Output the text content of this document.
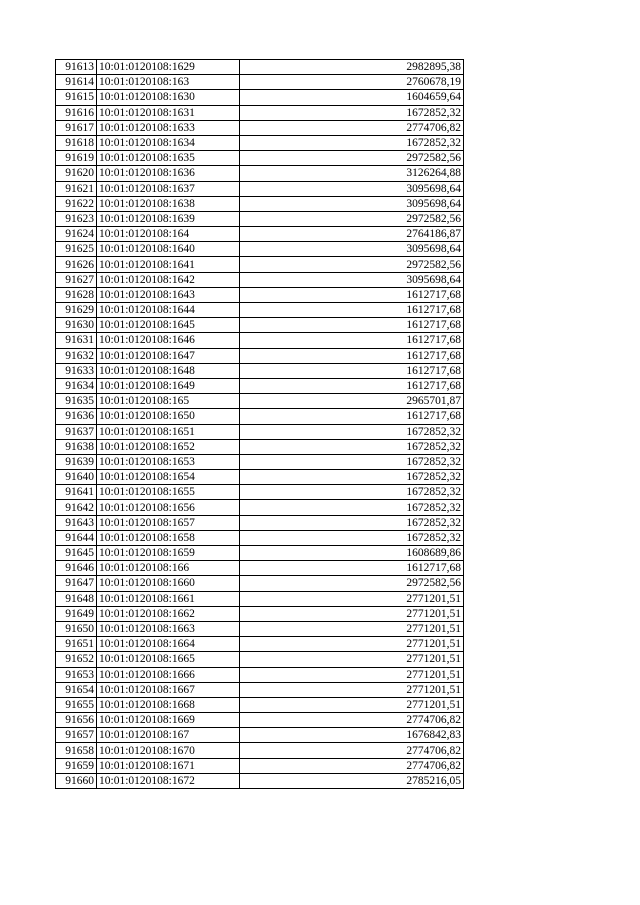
91613	10:01:0120108:1629	2982895,38
91614	10:01:0120108:163	2760678,19
91615	10:01:0120108:1630	1604659,64
91616	10:01:0120108:1631	1672852,32
91617	10:01:0120108:1633	2774706,82
91618	10:01:0120108:1634	1672852,32
91619	10:01:0120108:1635	2972582,56
91620	10:01:0120108:1636	3126264,88
91621	10:01:0120108:1637	3095698,64
91622	10:01:0120108:1638	3095698,64
91623	10:01:0120108:1639	2972582,56
91624	10:01:0120108:164	2764186,87
91625	10:01:0120108:1640	3095698,64
91626	10:01:0120108:1641	2972582,56
91627	10:01:0120108:1642	3095698,64
91628	10:01:0120108:1643	1612717,68
91629	10:01:0120108:1644	1612717,68
91630	10:01:0120108:1645	1612717,68
91631	10:01:0120108:1646	1612717,68
91632	10:01:0120108:1647	1612717,68
91633	10:01:0120108:1648	1612717,68
91634	10:01:0120108:1649	1612717,68
91635	10:01:0120108:165	2965701,87
91636	10:01:0120108:1650	1612717,68
91637	10:01:0120108:1651	1672852,32
91638	10:01:0120108:1652	1672852,32
91639	10:01:0120108:1653	1672852,32
91640	10:01:0120108:1654	1672852,32
91641	10:01:0120108:1655	1672852,32
91642	10:01:0120108:1656	1672852,32
91643	10:01:0120108:1657	1672852,32
91644	10:01:0120108:1658	1672852,32
91645	10:01:0120108:1659	1608689,86
91646	10:01:0120108:166	1612717,68
91647	10:01:0120108:1660	2972582,56
91648	10:01:0120108:1661	2771201,51
91649	10:01:0120108:1662	2771201,51
91650	10:01:0120108:1663	2771201,51
91651	10:01:0120108:1664	2771201,51
91652	10:01:0120108:1665	2771201,51
91653	10:01:0120108:1666	2771201,51
91654	10:01:0120108:1667	2771201,51
91655	10:01:0120108:1668	2771201,51
91656	10:01:0120108:1669	2774706,82
91657	10:01:0120108:167	1676842,83
91658	10:01:0120108:1670	2774706,82
91659	10:01:0120108:1671	2774706,82
91660	10:01:0120108:1672	2785216,05
